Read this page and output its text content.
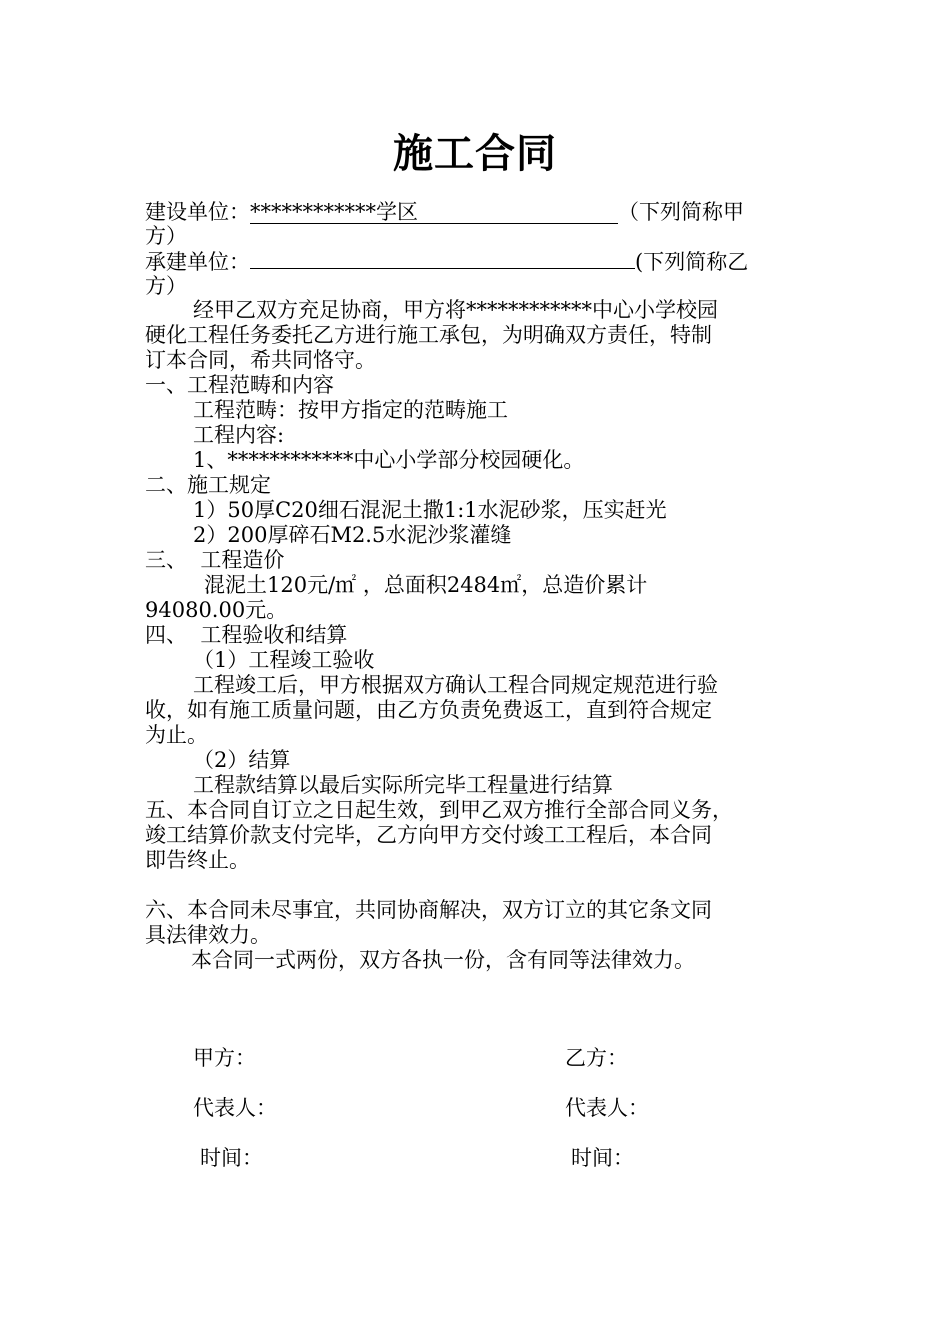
施工合同
建设单位：************学区	（下列简称甲
方）
承建单位：	(下列简称乙
方）
经甲乙双方充足协商，甲方将************中心小学校园
硬化工程任务委托乙方进行施工承包，为明确双方责任，特制
订本合同，希共同恪守。
一、工程范畴和内容
工程范畴：按甲方指定的范畴施工
工程内容:
1、************中心小学部分校园硬化。
二、施工规定
1）50厚C20细石混泥土撒1:1水泥砂浆，压实赶光
2）200厚碎石M2.5水泥沙浆灌缝
三、  工程造价
混泥土120元/㎡ ，总面积2484㎡，总造价累计
94080.00元。
四、  工程验收和结算
（1）工程竣工验收
工程竣工后，甲方根据双方确认工程合同规定规范进行验
收，如有施工质量问题，由乙方负责免费返工，直到符合规定
为止。
（2）结算
工程款结算以最后实际所完毕工程量进行结算
五、本合同自订立之日起生效，到甲乙双方推行全部合同义务，
竣工结算价款支付完毕，乙方向甲方交付竣工工程后，本合同
即告终止。
六、本合同未尽事宜，共同协商解决，双方订立的其它条文同
具法律效力。
本合同一式两份，双方各执一份，含有同等法律效力。
甲方：	乙方：
代表人：	代表人：
时间：	时间：
